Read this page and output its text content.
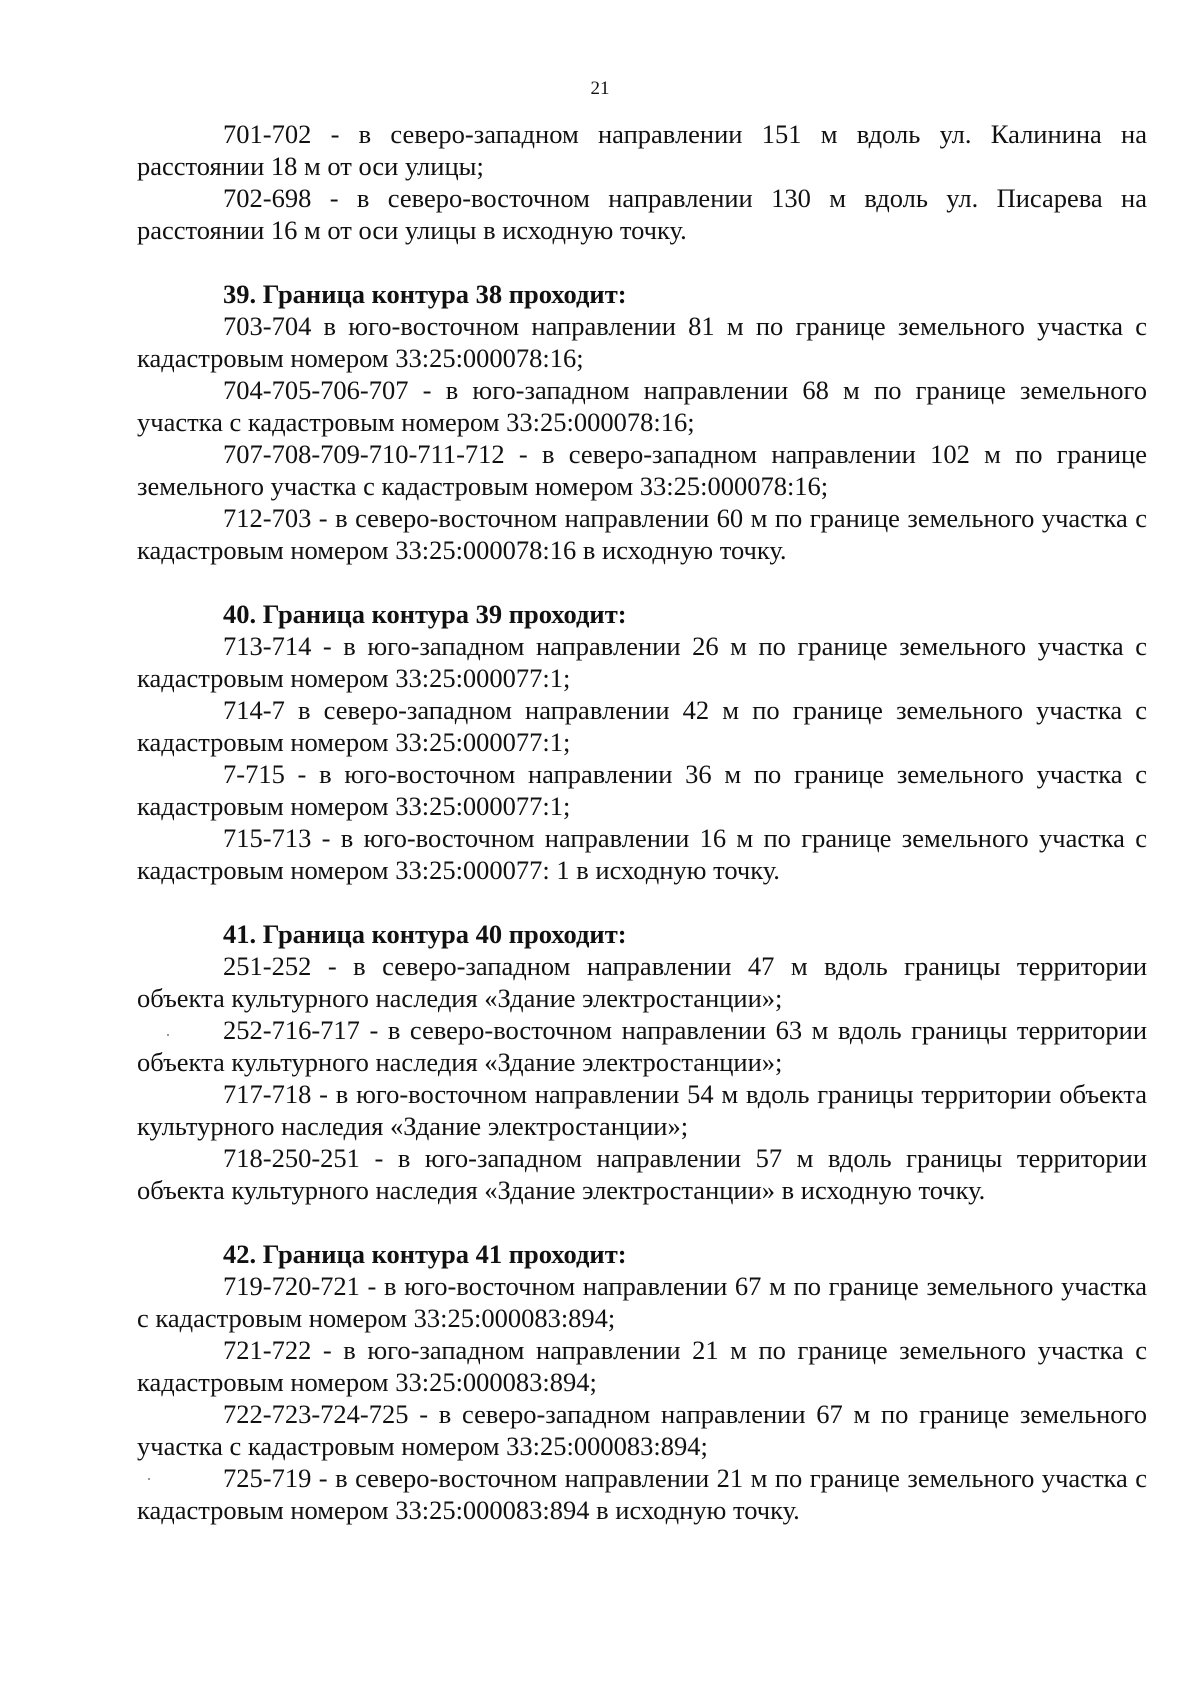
21

701-702 - в северо-западном направлении 151 м вдоль ул. Калинина на расстоянии 18 м от оси улицы;

702-698 - в северо-восточном направлении 130 м вдоль ул. Писарева на расстоянии 16 м от оси улицы в исходную точку.

39. Граница контура 38 проходит:

703-704 в юго-восточном направлении 81 м по границе земельного участка с кадастровым номером 33:25:000078:16;

704-705-706-707 - в юго-западном направлении 68 м по границе земельного участка с кадастровым номером 33:25:000078:16;

707-708-709-710-711-712 - в северо-западном направлении 102 м по границе земельного участка с кадастровым номером 33:25:000078:16;

712-703 - в северо-восточном направлении 60 м по границе земельного участка с кадастровым номером 33:25:000078:16 в исходную точку.

40. Граница контура 39 проходит:

713-714 - в юго-западном направлении 26 м по границе земельного участка с кадастровым номером 33:25:000077:1;

714-7 в северо-западном направлении 42 м по границе земельного участка с кадастровым номером 33:25:000077:1;

7-715 - в юго-восточном направлении 36 м по границе земельного участка с кадастровым номером 33:25:000077:1;

715-713 - в юго-восточном направлении 16 м по границе земельного участка с кадастровым номером 33:25:000077: 1 в исходную точку.

41. Граница контура 40 проходит:

251-252 - в северо-западном направлении 47 м вдоль границы территории объекта культурного наследия «Здание электростанции»;

252-716-717 - в северо-восточном направлении 63 м вдоль границы территории объекта культурного наследия «Здание электростанции»;

717-718 - в юго-восточном направлении 54 м вдоль границы территории объекта культурного наследия «Здание электростанции»;

718-250-251 - в юго-западном направлении 57 м вдоль границы территории объекта культурного наследия «Здание электростанции» в исходную точку.

42. Граница контура 41 проходит:

719-720-721 - в юго-восточном направлении 67 м по границе земельного участка с кадастровым номером 33:25:000083:894;

721-722 - в юго-западном направлении 21 м по границе земельного участка с кадастровым номером 33:25:000083:894;

722-723-724-725 - в северо-западном направлении 67 м по границе земельного участка с кадастровым номером 33:25:000083:894;

725-719 - в северо-восточном направлении 21 м по границе земельного участка с кадастровым номером 33:25:000083:894 в исходную точку.
